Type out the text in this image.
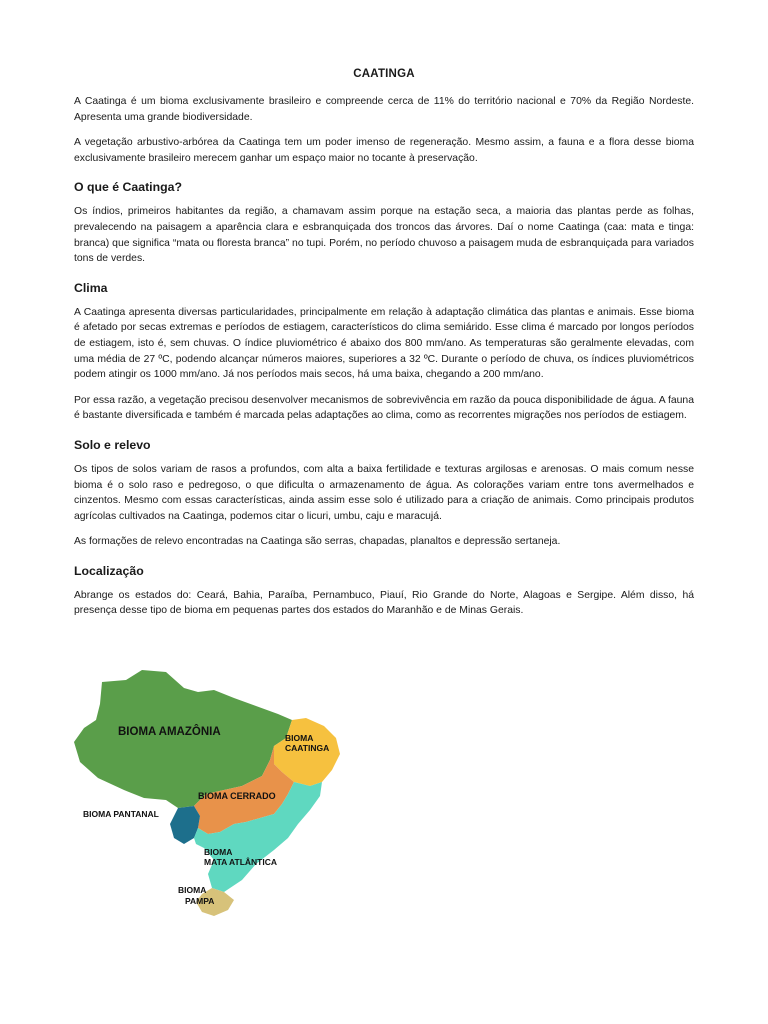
CAATINGA

A Caatinga é um bioma exclusivamente brasileiro e compreende cerca de 11% do território nacional e 70% da Região Nordeste. Apresenta uma grande biodiversidade.

A vegetação arbustivo-arbórea da Caatinga tem um poder imenso de regeneração. Mesmo assim, a fauna e a flora desse bioma exclusivamente brasileiro merecem ganhar um espaço maior no tocante à preservação.

O que é Caatinga?

Os índios, primeiros habitantes da região, a chamavam assim porque na estação seca, a maioria das plantas perde as folhas, prevalecendo na paisagem a aparência clara e esbranquiçada dos troncos das árvores. Daí o nome Caatinga (caa: mata e tinga: branca) que significa “mata ou floresta branca” no tupi. Porém, no período chuvoso a paisagem muda de esbranquiçada para variados tons de verdes.

Clima

A Caatinga apresenta diversas particularidades, principalmente em relação à adaptação climática das plantas e animais. Esse bioma é afetado por secas extremas e períodos de estiagem, característicos do clima semiárido. Esse clima é marcado por longos períodos de estiagem, isto é, sem chuvas. O índice pluviométrico é abaixo dos 800 mm/ano. As temperaturas são geralmente elevadas, com uma média de 27 ºC, podendo alcançar números maiores, superiores a 32 ºC. Durante o período de chuva, os índices pluviométricos podem atingir os 1000 mm/ano. Já nos períodos mais secos, há uma baixa, chegando a 200 mm/ano.

Por essa razão, a vegetação precisou desenvolver mecanismos de sobrevivência em razão da pouca disponibilidade de água. A fauna é bastante diversificada e também é marcada pelas adaptações ao clima, como as recorrentes migrações nos períodos de estiagem.

Solo e relevo

Os tipos de solos variam de rasos a profundos, com alta a baixa fertilidade e texturas argilosas e arenosas. O mais comum nesse bioma é o solo raso e pedregoso, o que dificulta o armazenamento de água. As colorações variam entre tons avermelhados e cinzentos. Mesmo com essas características, ainda assim esse solo é utilizado para a criação de animais. Como principais produtos agrícolas cultivados na Caatinga, podemos citar o licuri, umbu, caju e maracujá.

As formações de relevo encontradas na Caatinga são serras, chapadas, planaltos e depressão sertaneja.

Localização

Abrange os estados do: Ceará, Bahia, Paraíba, Pernambuco, Piauí, Rio Grande do Norte, Alagoas e Sergipe. Além disso, há presença desse tipo de bioma em pequenas partes dos estados do Maranhão e de Minas Gerais.

BIOMA AMAZÔNIA	BIOMA
CAATINGA
BIOMA CERRADO
BIOMA PANTANAL
BIOMA
MATA ATLÂNTICA
BIOMA
PAMPA
